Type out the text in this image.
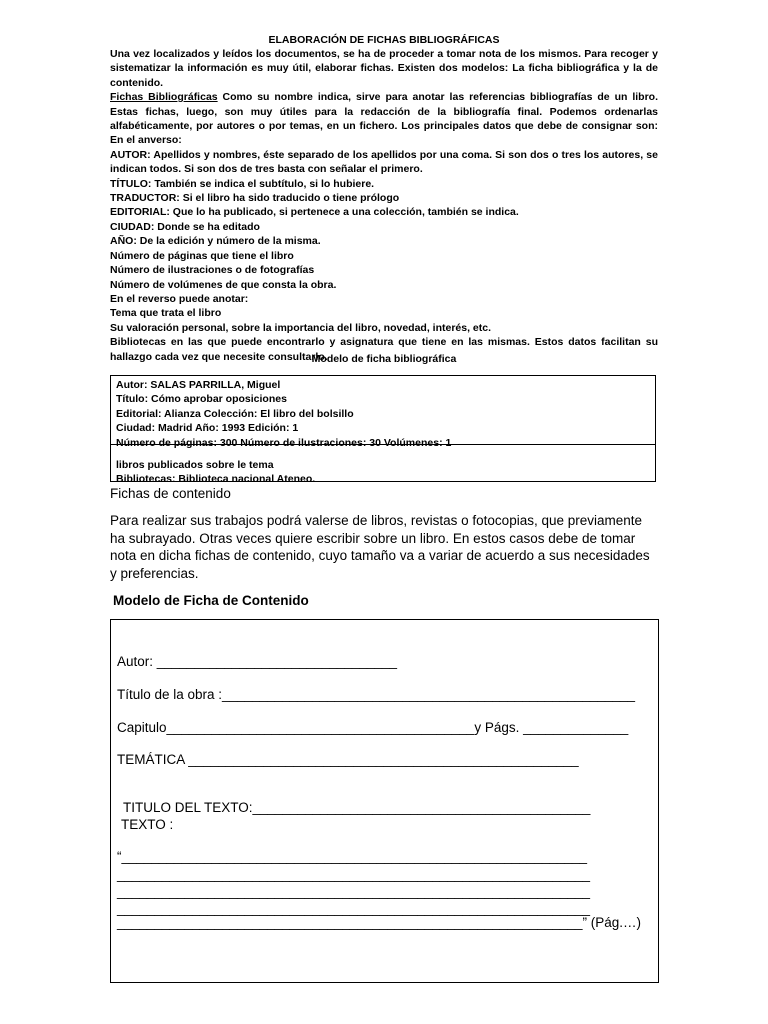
ELABORACIÓN DE FICHAS BIBLIOGRÁFICAS

Una vez localizados y leídos los documentos, se ha de proceder a tomar nota de los mismos. Para recoger y sistematizar la información es muy útil, elaborar fichas. Existen dos modelos: La ficha bibliográfica y la de contenido.

Fichas Bibliográficas Como su nombre indica, sirve para anotar las referencias bibliografías de un libro. Estas fichas, luego, son muy útiles para la redacción de la bibliografía final. Podemos ordenarlas alfabéticamente, por autores o por temas, en un fichero. Los principales datos que debe de consignar son: En el anverso:

AUTOR: Apellidos y nombres, éste separado de los apellidos por una coma. Si son dos o tres los autores, se indican todos. Si son dos de tres basta con señalar el primero.

TÍTULO: También se indica el subtítulo, si lo hubiere.
TRADUCTOR: Si el libro ha sido traducido o tiene prólogo
EDITORIAL: Que lo ha publicado, si pertenece a una colección, también se indica.
CIUDAD: Donde se ha editado
AÑO: De la edición y número de la misma.
Número de páginas que tiene el libro
Número de ilustraciones o de fotografías
Número de volúmenes de que consta la obra.
En el reverso puede anotar:
Tema que trata el libro
Su valoración personal, sobre la importancia del libro, novedad, interés, etc.

Bibliotecas en las que puede encontrarlo y asignatura que tiene en las mismas. Estos datos facilitan su hallazgo cada vez que necesite consultarlo.

Modelo de ficha bibliográfica
Autor: SALAS PARRILLA, Miguel
Título: Cómo aprobar oposiciones
Editorial: Alianza Colección: El libro del bolsillo
Ciudad: Madrid Año: 1993 Edición: 1
Número de páginas: 300 Número de ilustraciones: 30 Volúmenes: 1
libros publicados sobre le tema
Bibliotecas: Biblioteca nacional Ateneo.
Fichas de contenido
Para realizar sus trabajos podrá valerse de libros, revistas o fotocopias, que previamente ha subrayado. Otras veces quiere escribir sobre un libro. En estos casos debe de tomar nota en dicha fichas de contenido, cuyo tamaño va a variar de acuerdo a sus necesidades y preferencias.
Modelo de Ficha de Contenido
Autor: ________________________________
Título de la obra :_______________________________________________________
Capitulo_________________________________________y Págs. ______________
TEMÁTICA ____________________________________________________
TITULO DEL TEXTO:_____________________________________________
TEXTO :
“______________________________________________________________
_______________________________________________________________
_______________________________________________________________
_______________________________________________________________
______________________________________________________________” (Pág.…)
